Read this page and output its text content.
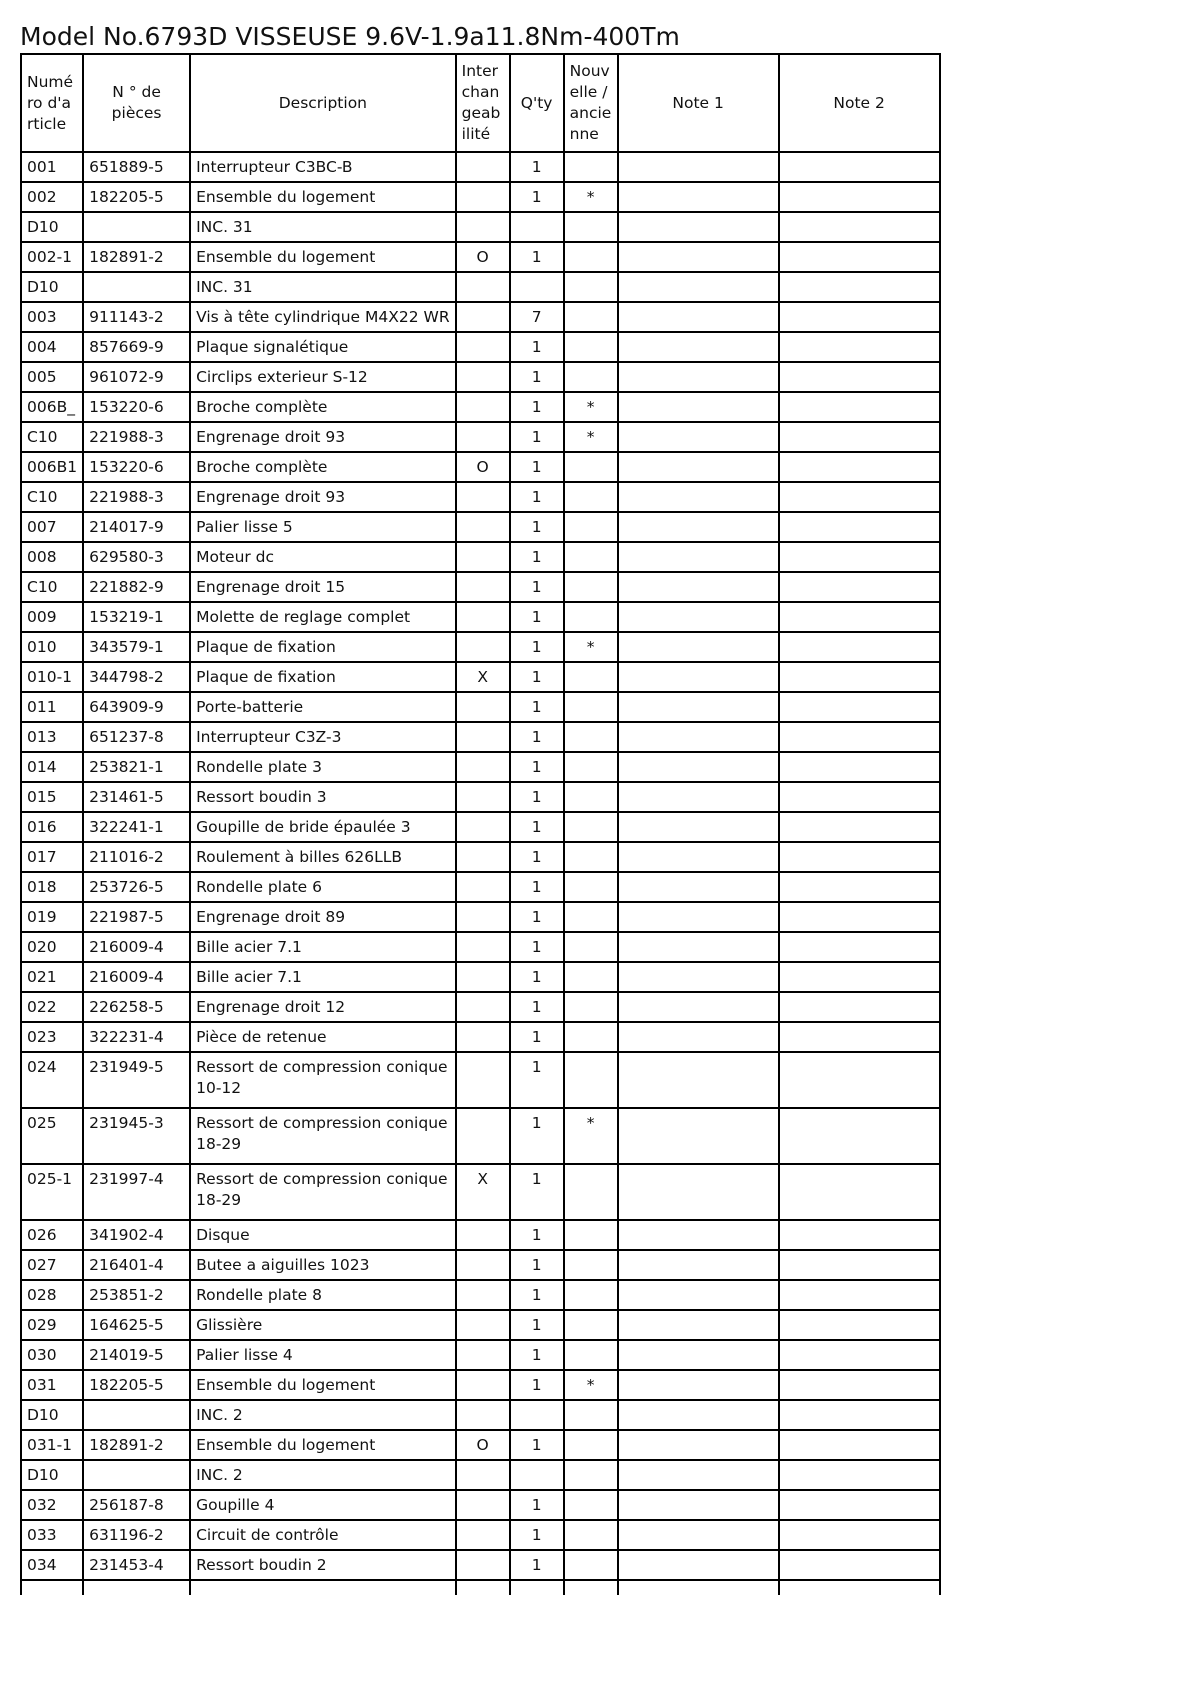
Model No.6793D VISSEUSE 9.6V-1.9a11.8Nm-400Tm
Numéro d'article	N ° de pièces	Description	Interchangeabilité	Q'ty	Nouvelle / ancienne	Note 1	Note 2
001	651889-5	Interrupteur C3BC-B		1			
002	182205-5	Ensemble du logement		1	*		
D10		INC. 31					
002-1	182891-2	Ensemble du logement	O	1			
D10		INC. 31					
003	911143-2	Vis à tête cylindrique M4X22 WR		7			
004	857669-9	Plaque signalétique		1			
005	961072-9	Circlips exterieur S-12		1			
006B_	153220-6	Broche complète		1	*		
C10	221988-3	Engrenage droit 93		1	*		
006B1	153220-6	Broche complète	O	1			
C10	221988-3	Engrenage droit 93		1			
007	214017-9	Palier lisse 5		1			
008	629580-3	Moteur dc		1			
C10	221882-9	Engrenage droit 15		1			
009	153219-1	Molette de reglage complet		1			
010	343579-1	Plaque de fixation		1	*		
010-1	344798-2	Plaque de fixation	X	1			
011	643909-9	Porte-batterie		1			
013	651237-8	Interrupteur C3Z-3		1			
014	253821-1	Rondelle plate 3		1			
015	231461-5	Ressort boudin 3		1			
016	322241-1	Goupille de bride épaulée 3		1			
017	211016-2	Roulement à billes 626LLB		1			
018	253726-5	Rondelle plate 6		1			
019	221987-5	Engrenage droit 89		1			
020	216009-4	Bille acier 7.1		1			
021	216009-4	Bille acier 7.1		1			
022	226258-5	Engrenage droit 12		1			
023	322231-4	Pièce de retenue		1			
024	231949-5	Ressort de compression conique 10-12		1			
025	231945-3	Ressort de compression conique 18-29		1	*		
025-1	231997-4	Ressort de compression conique 18-29	X	1			
026	341902-4	Disque		1			
027	216401-4	Butee a aiguilles 1023		1			
028	253851-2	Rondelle plate 8		1			
029	164625-5	Glissière		1			
030	214019-5	Palier lisse 4		1			
031	182205-5	Ensemble du logement		1	*		
D10		INC. 2					
031-1	182891-2	Ensemble du logement	O	1			
D10		INC. 2					
032	256187-8	Goupille 4		1			
033	631196-2	Circuit de contrôle		1			
034	231453-4	Ressort boudin 2		1			
